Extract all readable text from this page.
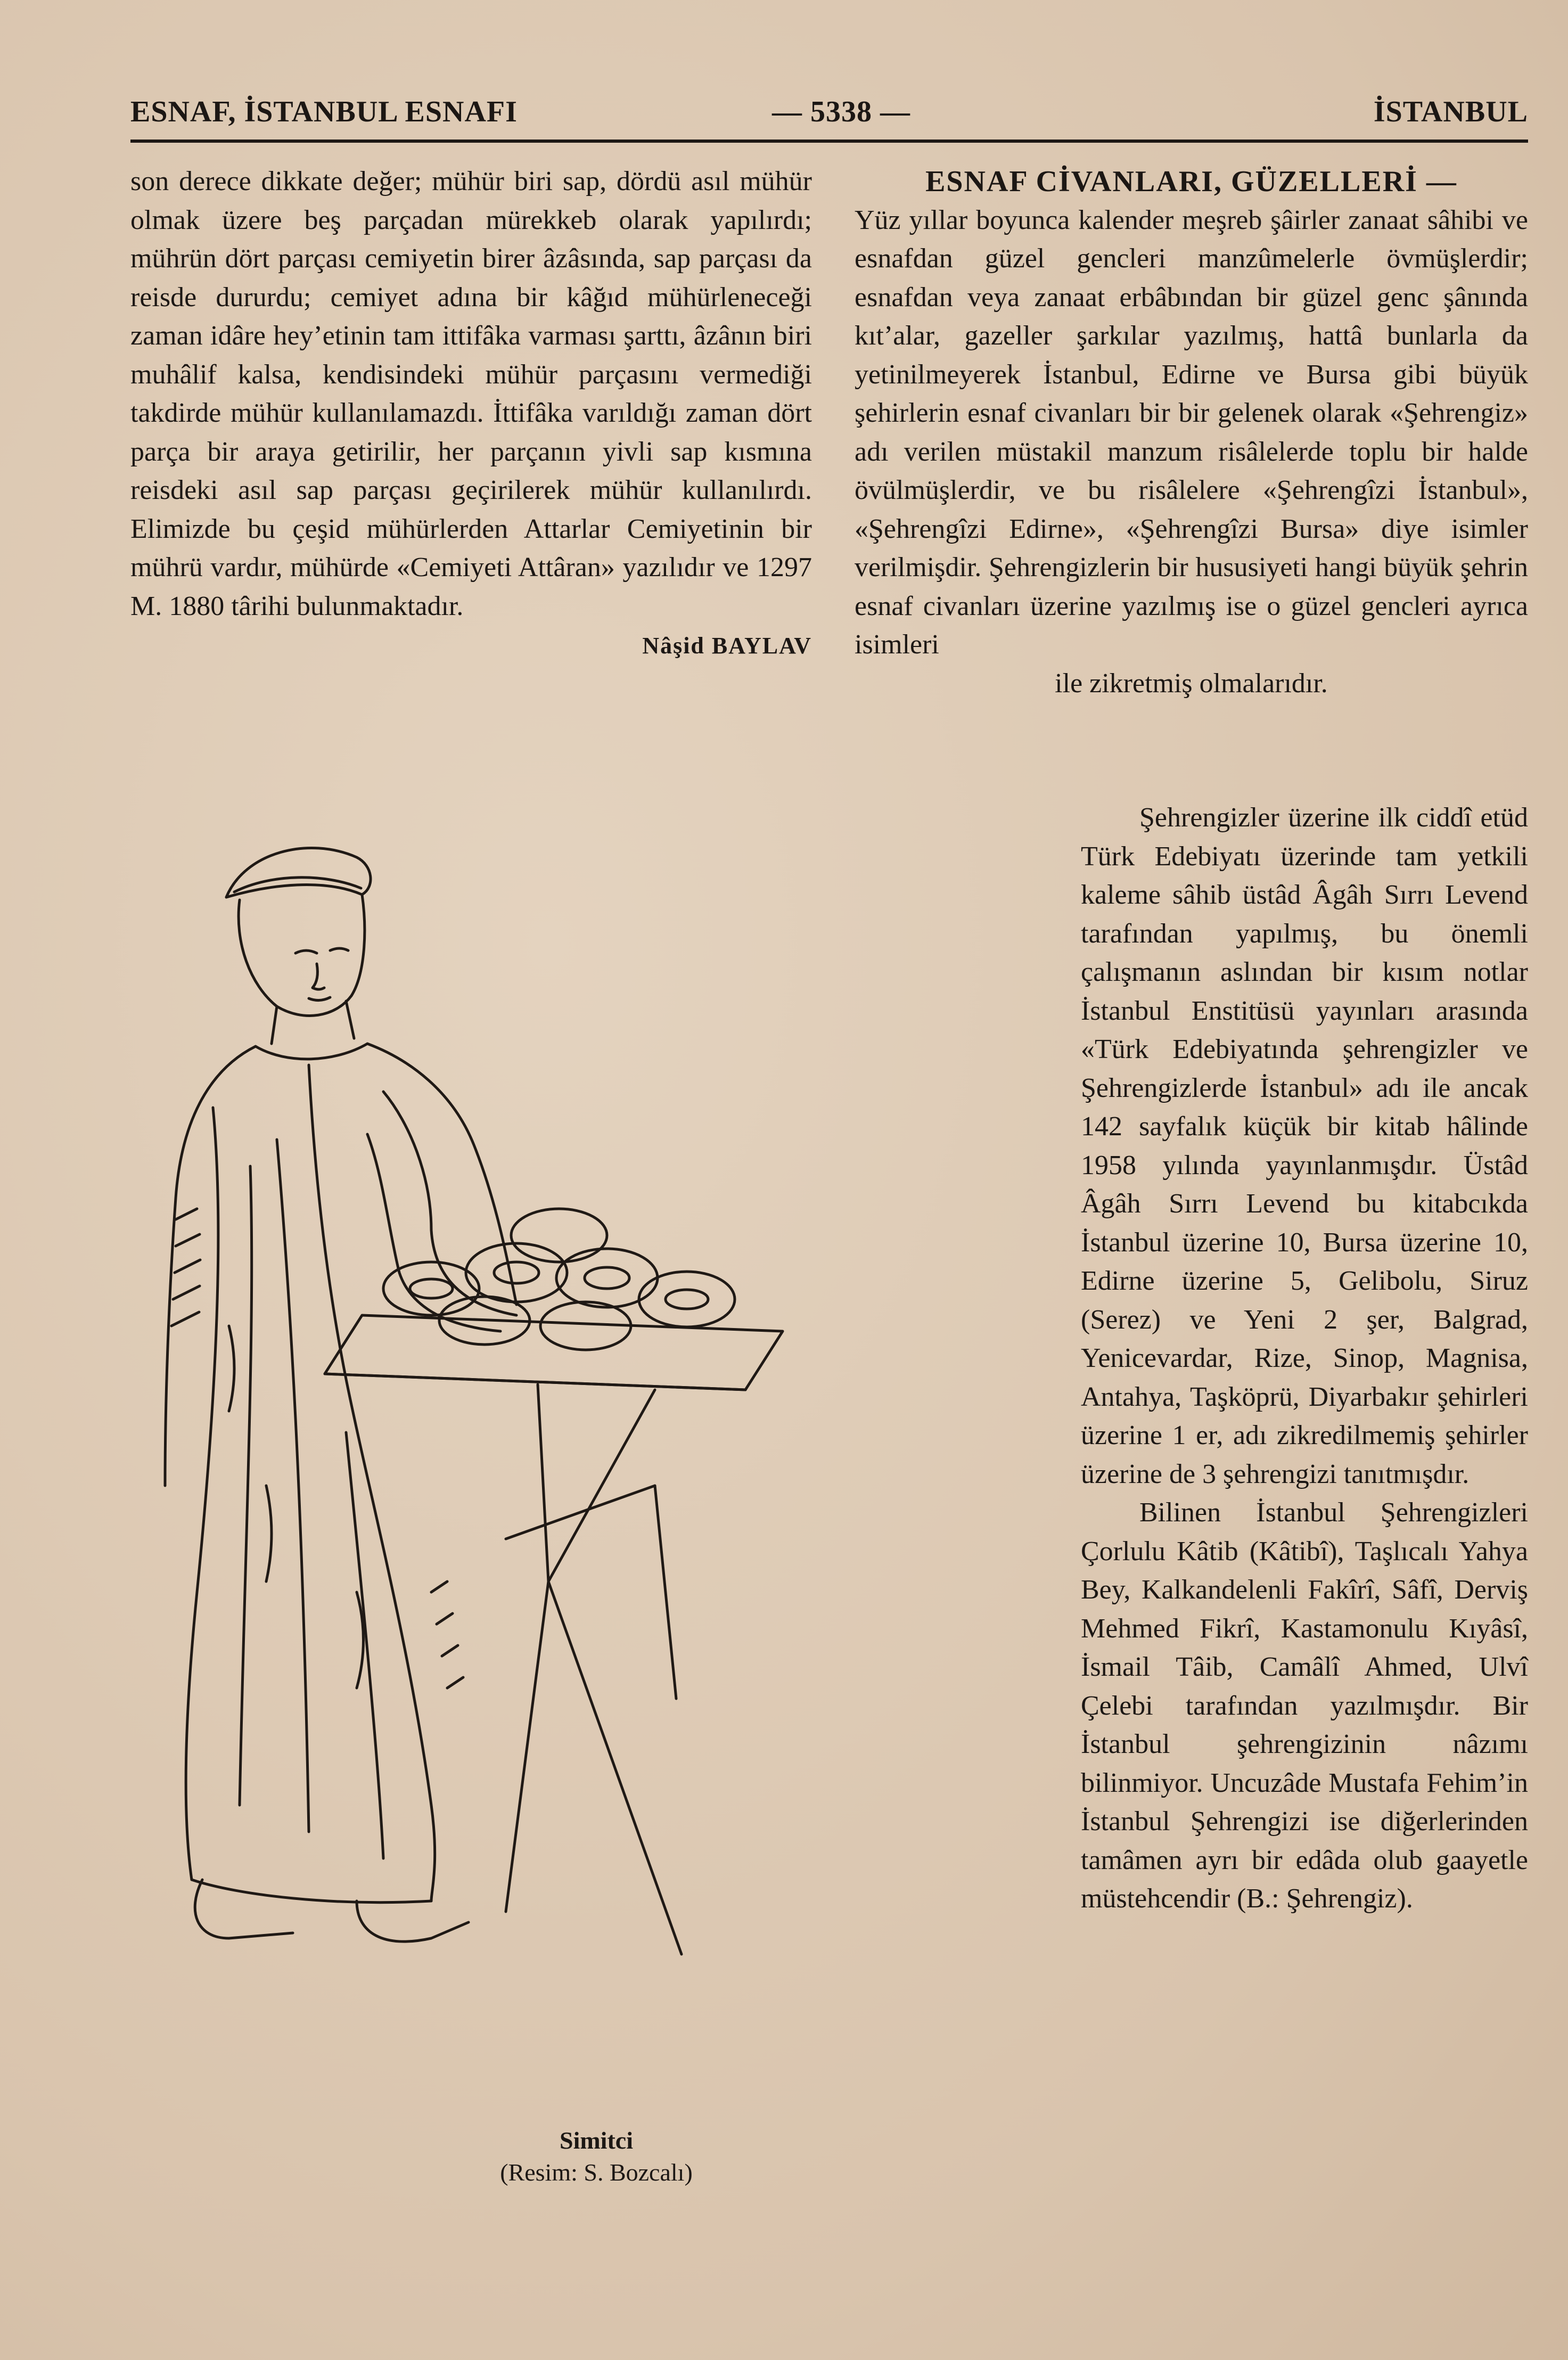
ESNAF, İSTANBUL ESNAFI	— 5338 —	İSTANBUL

son derece dikkate değer; mühür biri sap, dördü asıl mühür olmak üzere beş parçadan mürekkeb olarak yapılırdı; mührün dört parçası cemiyetin birer âzâsında, sap parçası da reisde dururdu; cemiyet adına bir kâğıd mühürleneceği zaman idâre hey’etinin tam ittifâka varması şarttı, âzânın biri muhâlif kalsa, kendisindeki mühür parçasını vermediği takdirde mühür kullanılamazdı. İttifâka varıldığı zaman dört parça bir araya getirilir, her parçanın yivli sap kısmına reisdeki asıl sap parçası geçirilerek mühür kullanılırdı. Elimizde bu çeşid mühürlerden Attarlar Cemiyetinin bir mührü vardır, mühürde «Cemiyeti Attâran» yazılıdır ve 1297 M. 1880 târihi bulunmaktadır.

Nâşid BAYLAV

Simitci
(Resim: S. Bozcalı)

ESNAF CİVANLARI, GÜZELLERİ —

Yüz yıllar boyunca kalender meşreb şâirler zanaat sâhibi ve esnafdan güzel gencleri manzûmelerle övmüşlerdir; esnafdan veya zanaat erbâbından bir güzel genc şânında kıt’alar, gazeller şarkılar yazılmış, hattâ bunlarla da yetinilmeyerek İstanbul, Edirne ve Bursa gibi büyük şehirlerin esnaf civanları bir bir gelenek olarak «Şehrengiz» adı verilen müstakil manzum risâlelerde toplu bir halde övülmüşlerdir, ve bu risâlelere «Şehrengîzi İstanbul», «Şehrengîzi Edirne», «Şehrengîzi Bursa» diye isimler verilmişdir. Şehrengizlerin bir hususiyeti hangi büyük şehrin esnaf civanları üzerine yazılmış ise o güzel gencleri ayrıca isimleri

ile zikretmiş olmalarıdır.

Şehrengizler üzerine ilk ciddî etüd Türk Edebiyatı üzerinde tam yetkili kaleme sâhib üstâd Âgâh Sırrı Levend tarafından yapılmış, bu önemli çalışmanın aslından bir kısım notlar İstanbul Enstitüsü yayınları arasında «Türk Edebiyatında şehrengizler ve Şehrengizlerde İstanbul» adı ile ancak 142 sayfalık küçük bir kitab hâlinde 1958 yılında yayınlanmışdır. Üstâd Âgâh Sırrı Levend bu kitabcıkda İstanbul üzerine 10, Bursa üzerine 10, Edirne üzerine 5, Gelibolu, Siruz (Serez) ve Yeni 2 şer, Balgrad, Yenicevardar, Rize, Sinop, Magnisa, Antahya, Taşköprü, Diyarbakır şehirleri üzerine 1 er, adı zikredilmemiş şehirler üzerine de 3 şehrengizi tanıtmışdır.

Bilinen İstanbul Şehrengizleri Çorlulu Kâtib (Kâtibî), Taşlıcalı Yahya Bey, Kalkandelenli Fakîrî, Sâfî, Derviş Mehmed Fikrî, Kastamonulu Kıyâsî, İsmail Tâib, Camâlî Ahmed, Ulvî Çelebi tarafından yazılmışdır. Bir İstanbul şehrengizinin nâzımı bilinmiyor. Uncuzâde Mustafa Fehim’in İstanbul Şehrengizi ise diğerlerinden tamâmen ayrı bir edâda olub gaayetle müstehcendir (B.: Şehrengiz).
